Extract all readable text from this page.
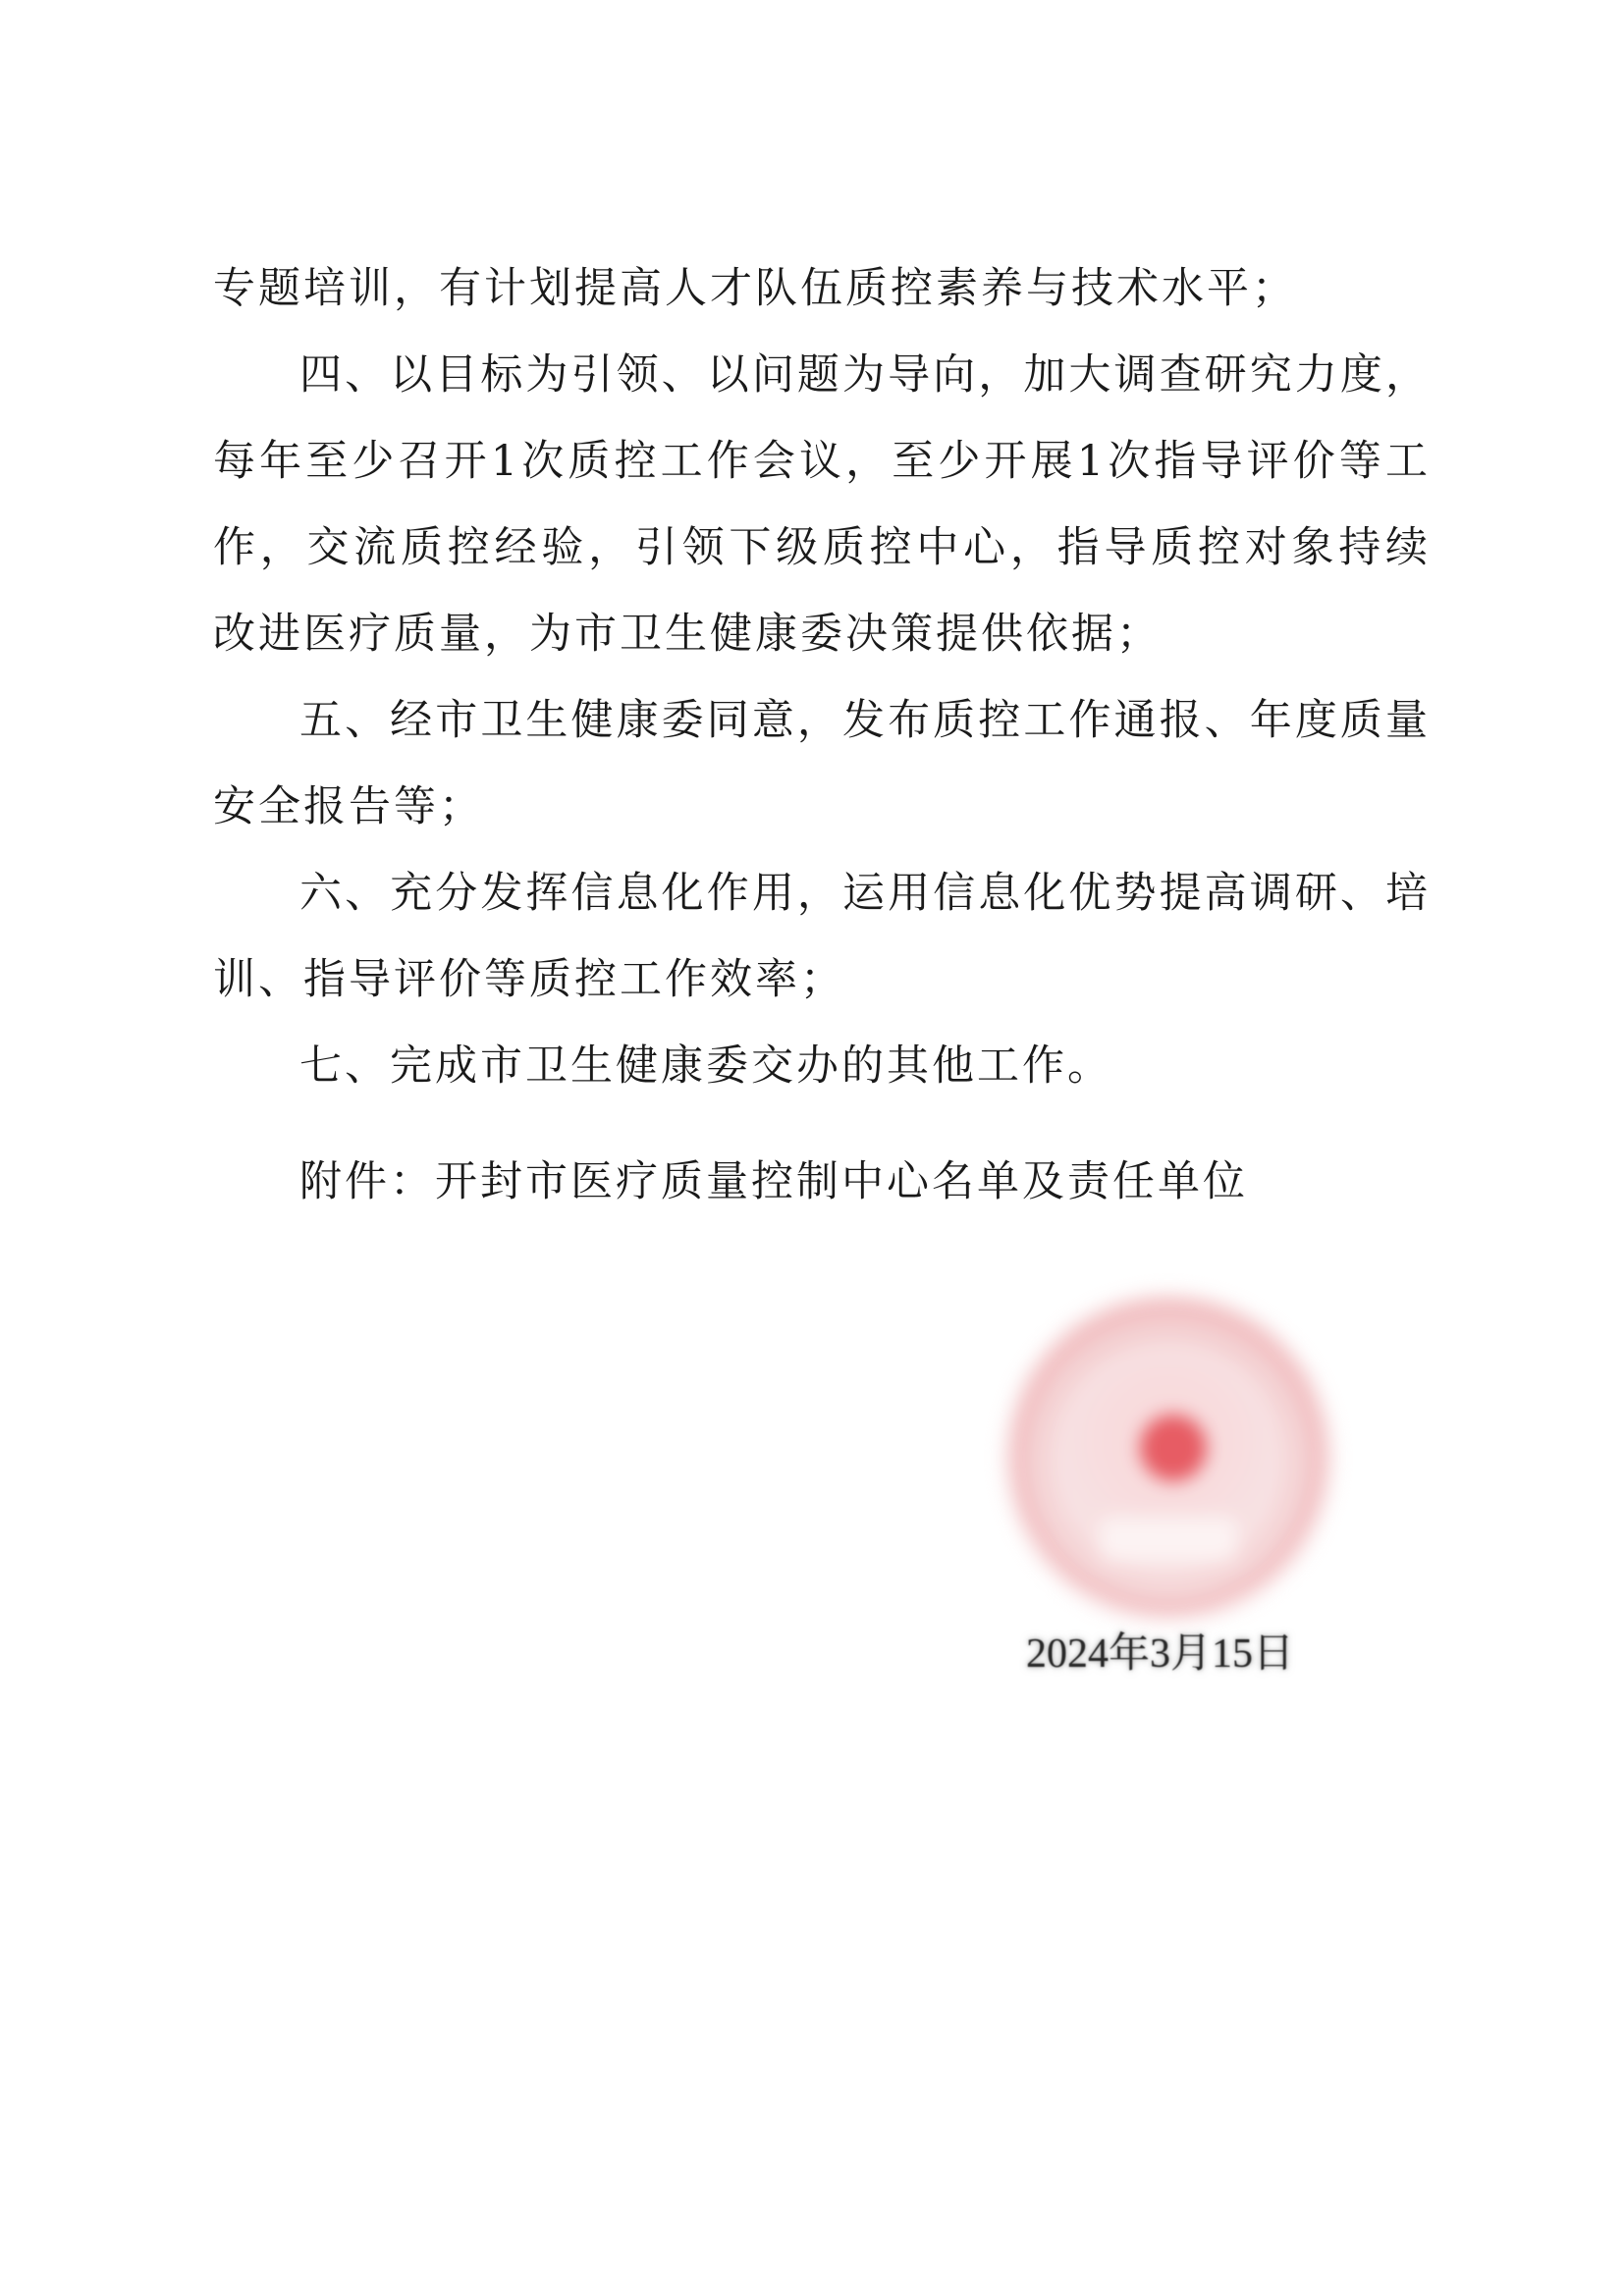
专题培训，有计划提高人才队伍质控素养与技术水平；

四、以目标为引领、以问题为导向，加大调查研究力度，每年至少召开1次质控工作会议，至少开展1次指导评价等工作，交流质控经验，引领下级质控中心，指导质控对象持续改进医疗质量，为市卫生健康委决策提供依据；

五、经市卫生健康委同意，发布质控工作通报、年度质量安全报告等；

六、充分发挥信息化作用，运用信息化优势提高调研、培训、指导评价等质控工作效率；

七、完成市卫生健康委交办的其他工作。

附件：开封市医疗质量控制中心名单及责任单位
2024年3月15日
